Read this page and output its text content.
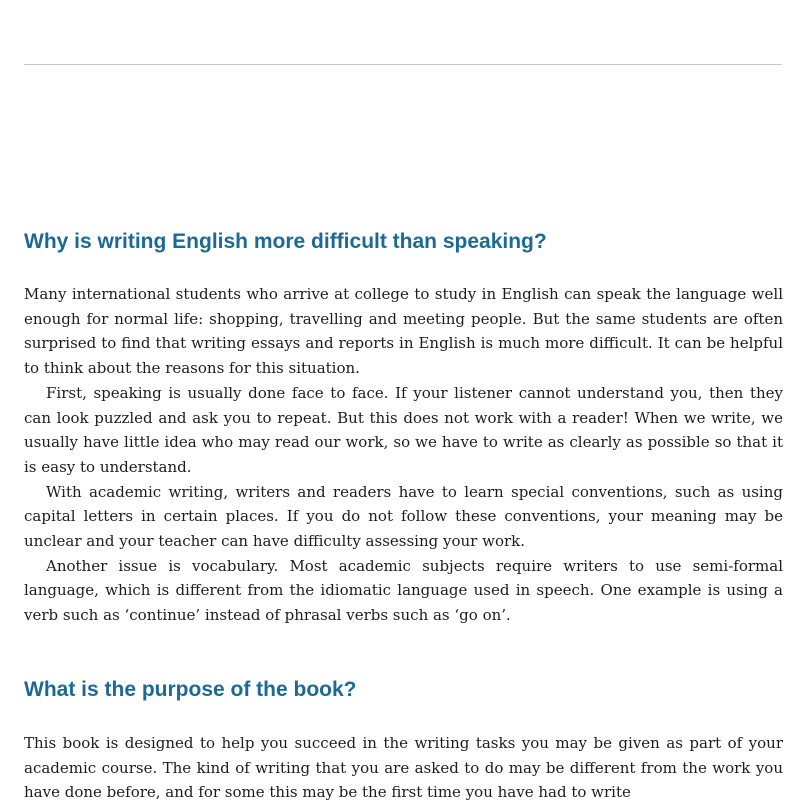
Why is writing English more difficult than speaking?

Many international students who arrive at college to study in English can speak the language well enough for normal life: shopping, travelling and meeting people. But the same students are often surprised to find that writing essays and reports in English is much more difficult. It can be helpful to think about the reasons for this situation.

First, speaking is usually done face to face. If your listener cannot understand you, then they can look puzzled and ask you to repeat. But this does not work with a reader! When we write, we usually have little idea who may read our work, so we have to write as clearly as possible so that it is easy to understand.

With academic writing, writers and readers have to learn special conventions, such as using capital letters in certain places. If you do not follow these conventions, your meaning may be unclear and your teacher can have difficulty assessing your work.

Another issue is vocabulary. Most academic subjects require writers to use semi-formal language, which is different from the idiomatic language used in speech. One example is using a verb such as ‘continue’ instead of phrasal verbs such as ‘go on’.

What is the purpose of the book?

This book is designed to help you succeed in the writing tasks you may be given as part of your academic course. The kind of writing that you are asked to do may be different from the work you have done before, and for some this may be the first time you have had to write
